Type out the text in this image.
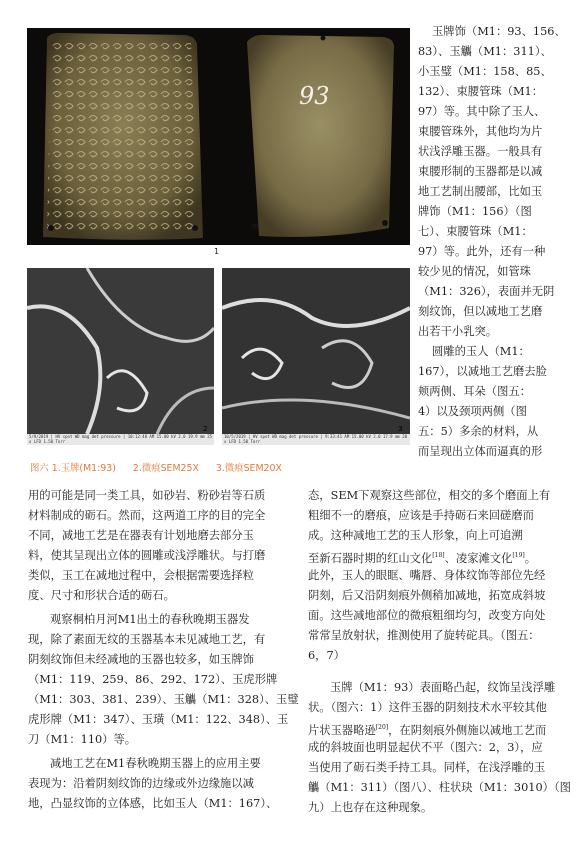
93
1
5/9/2019 | HV spot WD mag det pressure | 10:12:48 AM 15.00 kV 2.0 19.9 mm 25 x LFD 1.50 Torr
2
10/5/2019 | HV spot WD mag det pressure | 9:33:41 AM 15.00 kV 2.0 17.9 mm 20 x LFD 1.50 Torr
3
图六 1.玉牌(M1:93) 2.微痕SEM25X 3.微痕SEM20X
玉牌饰（M1：93、156、
83）、玉觿（M1：311）、
小玉璧（M1：158、85、
132）、束腰管珠（M1：
97）等。其中除了玉人、
束腰管珠外，其他均为片
状浅浮雕玉器。一般具有
束腰形制的玉器都是以减
地工艺制出腰部，比如玉
牌饰（M1：156）（图
七）、束腰管珠（M1：
97）等。此外，还有一种
较少见的情况，如管珠
（M1：326），表面并无阴
刻纹饰，但以减地工艺磨
出若干小乳突。
圆雕的玉人（M1：
167），以减地工艺磨去脸
颊两侧、耳朵（图五：
4）以及颈项两侧（图
五：5）多余的材料，从
而呈现出立体而逼真的形
用的可能是同一类工具，如砂岩、粉砂岩等石质
材料制成的砺石。然而，这两道工序的目的完全
不同，减地工艺是在器表有计划地磨去部分玉
料，使其呈现出立体的圆雕或浅浮雕状。与打磨
类似，玉工在减地过程中，会根据需要选择粒
度、尺寸和形状合适的砺石。
观察桐柏月河M1出土的春秋晚期玉器发
现，除了素面无纹的玉器基本未见减地工艺，有
阴刻纹饰但未经减地的玉器也较多，如玉牌饰
（M1：119、259、86、292、172）、玉虎形牌
（M1：303、381、239）、玉觿（M1：328）、玉璧
虎形牌（M1：347）、玉璜（M1：122、348）、玉
刀（M1：110）等。
减地工艺在M1春秋晚期玉器上的应用主要
表现为：沿着阴刻纹饰的边缘或外边缘施以减
地，凸显纹饰的立体感，比如玉人（M1：167）、
态，SEM下观察这些部位，相交的多个磨面上有
粗细不一的磨痕，应该是手持砺石来回磋磨而
成。这种减地工艺的玉人形象，向上可追溯
至新石器时期的红山文化[18]、凌家滩文化[19]。
此外，玉人的眼眶、嘴唇、身体纹饰等部位先经
阴刻，后又沿阴刻痕外侧稍加减地，拓宽成斜坡
面。这些减地部位的微痕粗细均匀，改变方向处
常常呈放射状，推测使用了旋转砣具。（图五：
6，7）
玉牌（M1：93）表面略凸起，纹饰呈浅浮雕
状。（图六：1）这件玉器的阴刻技术水平较其他
片状玉器略逊[20]，在阴刻痕外侧施以减地工艺而
成的斜坡面也明显起伏不平（图六：2，3），应
当使用了砺石类手持工具。同样，在浅浮雕的玉
觿（M1：311）（图八）、柱状玦（M1：3010）（图
九）上也存在这种现象。
